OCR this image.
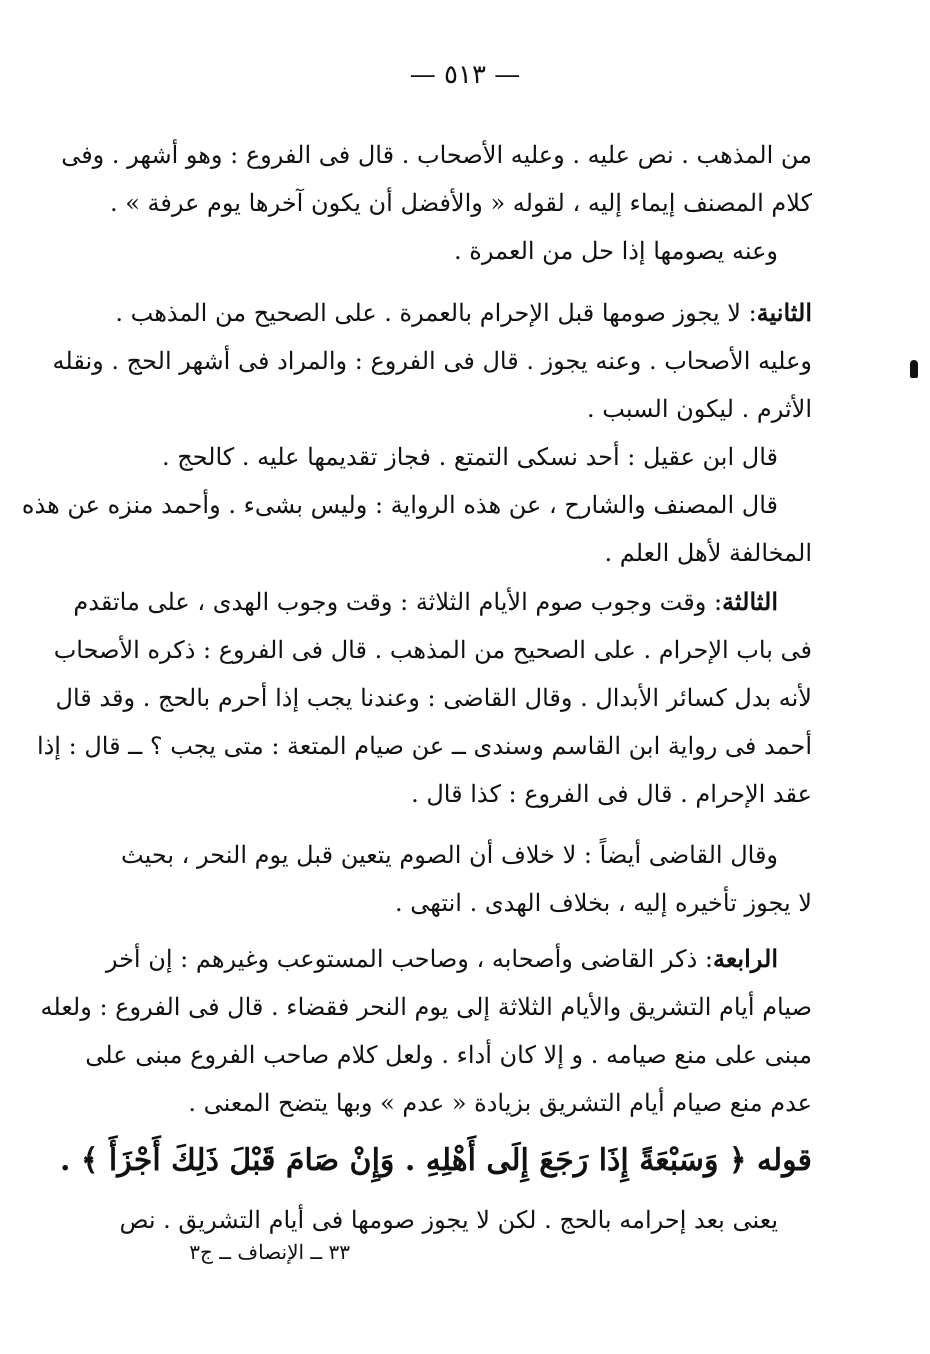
— ٥١٣ —
من المذهب . نص عليه . وعليه الأصحاب . قال فى الفروع : وهو أشهر . وفى
كلام المصنف إيماء إليه ، لقوله « والأفضل أن يكون آخرها يوم عرفة » .
وعنه يصومها إذا حل من العمرة .
الثانية: لا يجوز صومها قبل الإحرام بالعمرة . على الصحيح من المذهب .
وعليه الأصحاب . وعنه يجوز . قال فى الفروع : والمراد فى أشهر الحج . ونقله
الأثرم . ليكون السبب .
قال ابن عقيل : أحد نسكى التمتع . فجاز تقديمها عليه . كالحج .
قال المصنف والشارح ، عن هذه الرواية : وليس بشىء . وأحمد منزه عن هذه
المخالفة لأهل العلم .
الثالثة: وقت وجوب صوم الأيام الثلاثة : وقت وجوب الهدى ، على ماتقدم
فى باب الإحرام . على الصحيح من المذهب . قال فى الفروع : ذكره الأصحاب
لأنه بدل كسائر الأبدال . وقال القاضى : وعندنا يجب إذا أحرم بالحج . وقد قال
أحمد فى رواية ابن القاسم وسندى ــ عن صيام المتعة : متى يجب ؟ ــ قال : إذا
عقد الإحرام . قال فى الفروع : كذا قال .
وقال القاضى أيضاً : لا خلاف أن الصوم يتعين قبل يوم النحر ، بحيث
لا يجوز تأخيره إليه ، بخلاف الهدى . انتهى .
الرابعة: ذكر القاضى وأصحابه ، وصاحب المستوعب وغيرهم : إن أخر
صيام أيام التشريق والأيام الثلاثة إلى يوم النحر فقضاء . قال فى الفروع : ولعله
مبنى على منع صيامه . و إلا كان أداء . ولعل كلام صاحب الفروع مبنى على
عدم منع صيام أيام التشريق بزيادة « عدم » وبها يتضح المعنى .
قوله ﴿ وَسَبْعَةً إِذَا رَجَعَ إِلَى أَهْلِهِ . وَإِنْ صَامَ قَبْلَ ذَلِكَ أَجْزَأَ ﴾ .
يعنى بعد إحرامه بالحج . لكن لا يجوز صومها فى أيام التشريق . نص
٣٣ ــ الإنصاف ــ ج٣
